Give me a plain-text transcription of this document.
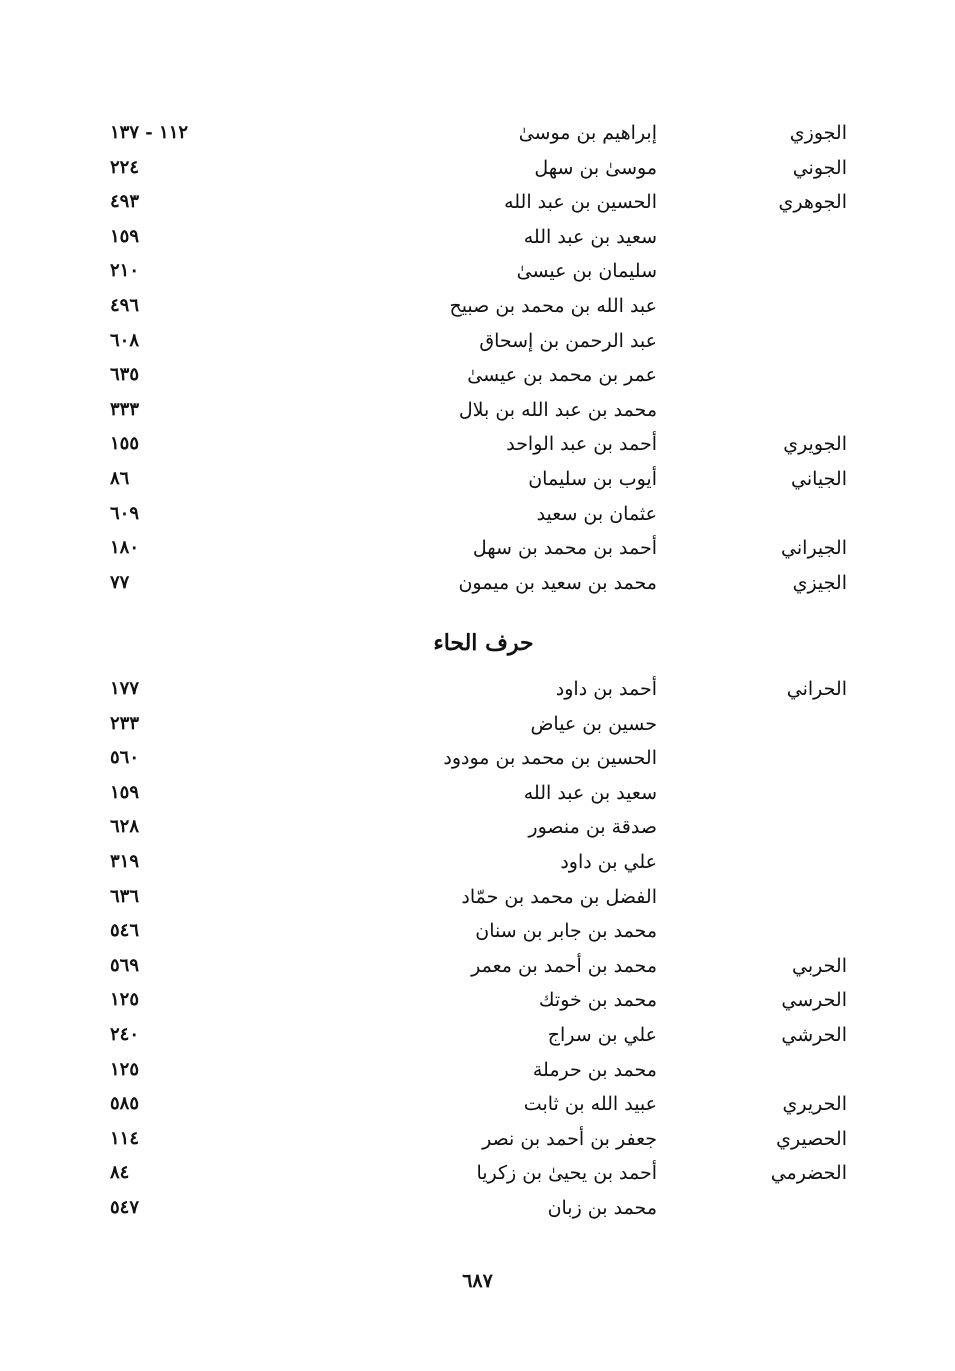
الجوزي
إبراهيم بن موسىٰ
١١٢ - ١٣٧
الجوني
موسىٰ بن سهل
٢٢٤
الجوهري
الحسين بن عبد الله
٤٩٣
سعيد بن عبد الله
١٥٩
سليمان بن عيسىٰ
٢١٠
عبد الله بن محمد بن صبيح
٤٩٦
عبد الرحمن بن إسحاق
٦٠٨
عمر بن محمد بن عيسىٰ
٦٣٥
محمد بن عبد الله بن بلال
٣٣٣
الجويري
أحمد بن عبد الواحد
١٥٥
الجياني
أيوب بن سليمان
٨٦
عثمان بن سعيد
٦٠٩
الجيراني
أحمد بن محمد بن سهل
١٨٠
الجيزي
محمد بن سعيد بن ميمون
٧٧
حرف الحاء
الحراني
أحمد بن داود
١٧٧
حسين بن عياض
٢٣٣
الحسين بن محمد بن مودود
٥٦٠
سعيد بن عبد الله
١٥٩
صدقة بن منصور
٦٢٨
علي بن داود
٣١٩
الفضل بن محمد بن حمّاد
٦٣٦
محمد بن جابر بن سنان
٥٤٦
الحربي
محمد بن أحمد بن معمر
٥٦٩
الحرسي
محمد بن خوتك
١٢٥
الحرشي
علي بن سراج
٢٤٠
محمد بن حرملة
١٢٥
الحريري
عبيد الله بن ثابت
٥٨٥
الحصيري
جعفر بن أحمد بن نصر
١١٤
الحضرمي
أحمد بن يحيىٰ بن زكريا
٨٤
محمد بن زبان
٥٤٧
٦٨٧
